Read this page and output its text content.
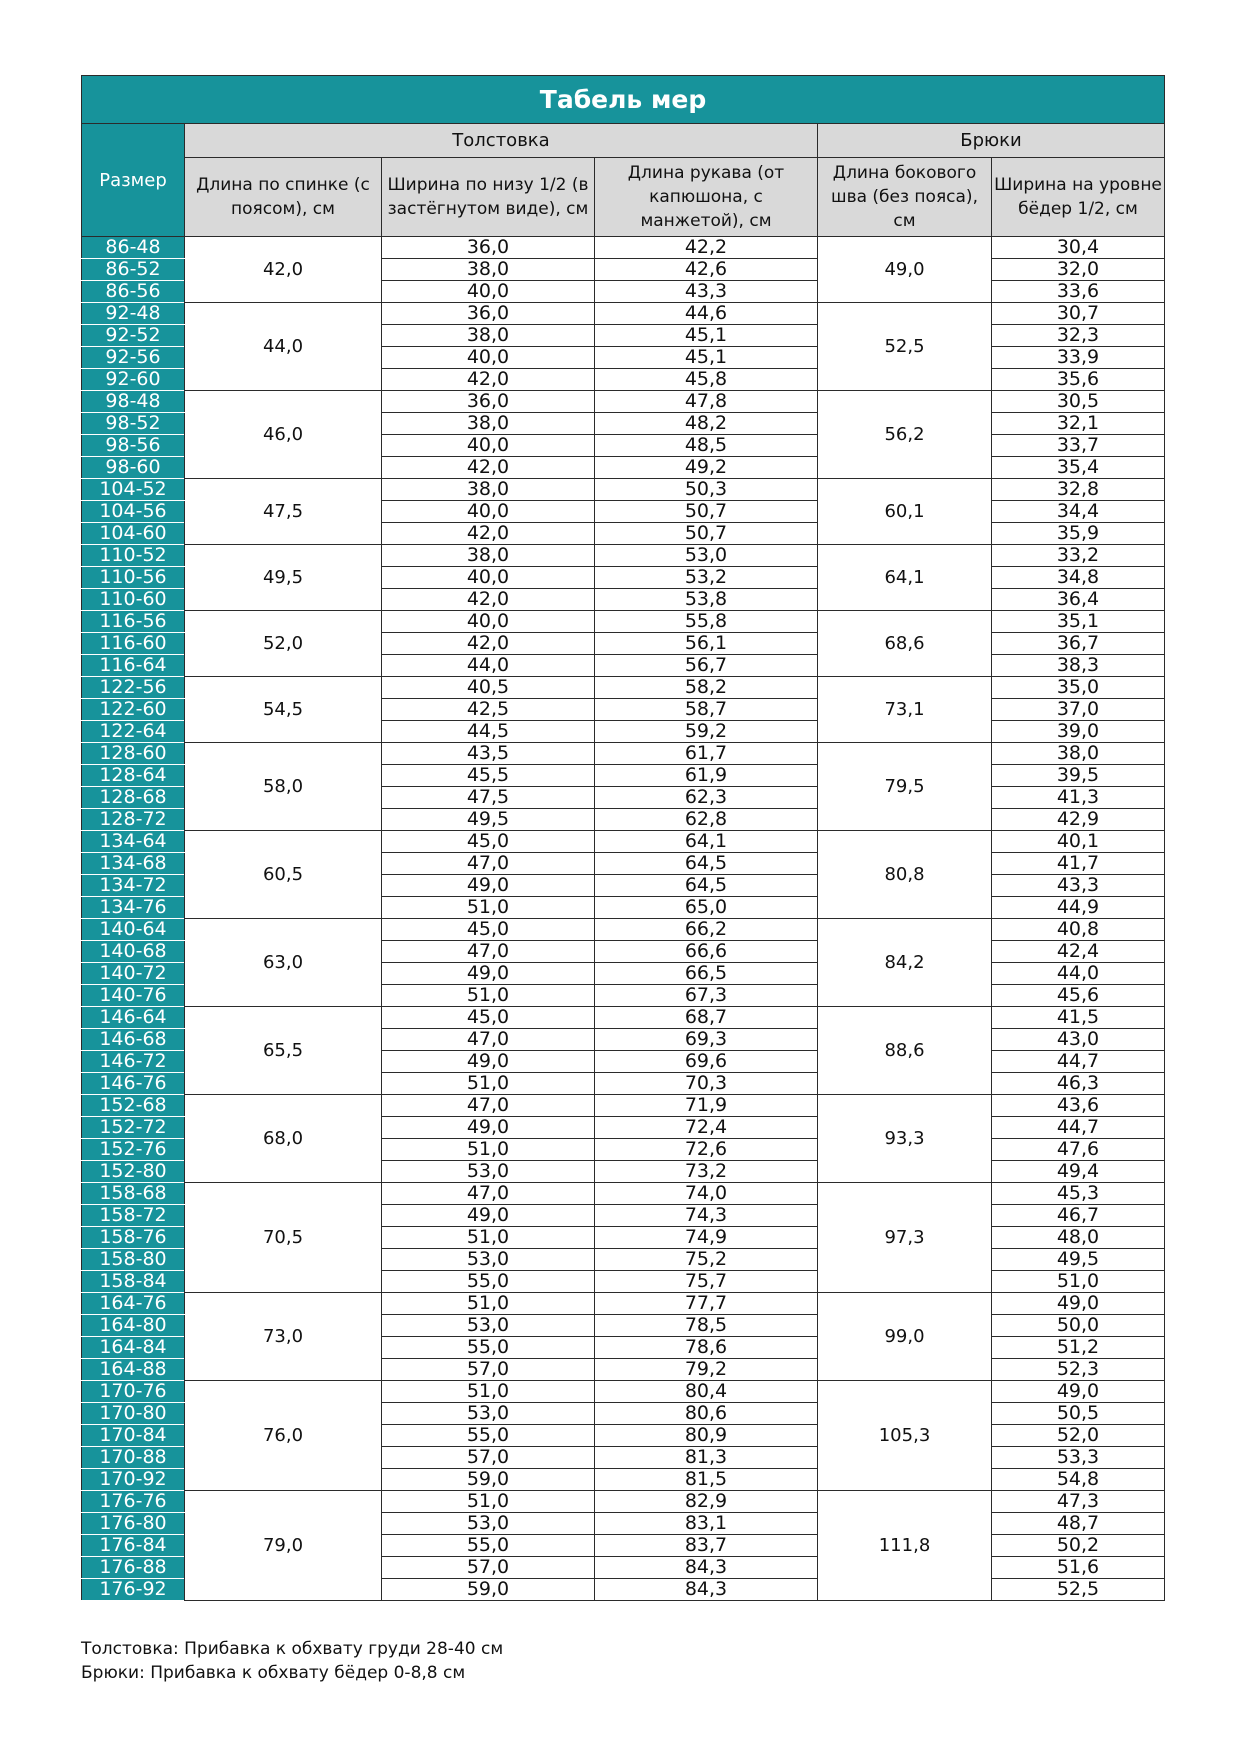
Табель мер					
Размер	Толстовка			Брюки	
	Длина по спинке (с поясом), см	Ширина по низу 1/2 (в застёгнутом виде), см	Длина рукава (от капюшона, с манжетой), см	Длина бокового шва (без пояса), см	Ширина на уровне бёдер 1/2, см
86-48	42,0	36,0	42,2	49,0	30,4
86-52		38,0	42,6		32,0
86-56		40,0	43,3		33,6
92-48	44,0	36,0	44,6	52,5	30,7
92-52		38,0	45,1		32,3
92-56		40,0	45,1		33,9
92-60		42,0	45,8		35,6
98-48	46,0	36,0	47,8	56,2	30,5
98-52		38,0	48,2		32,1
98-56		40,0	48,5		33,7
98-60		42,0	49,2		35,4
104-52	47,5	38,0	50,3	60,1	32,8
104-56		40,0	50,7		34,4
104-60		42,0	50,7		35,9
110-52	49,5	38,0	53,0	64,1	33,2
110-56		40,0	53,2		34,8
110-60		42,0	53,8		36,4
116-56	52,0	40,0	55,8	68,6	35,1
116-60		42,0	56,1		36,7
116-64		44,0	56,7		38,3
122-56	54,5	40,5	58,2	73,1	35,0
122-60		42,5	58,7		37,0
122-64		44,5	59,2		39,0
128-60	58,0	43,5	61,7	79,5	38,0
128-64		45,5	61,9		39,5
128-68		47,5	62,3		41,3
128-72		49,5	62,8		42,9
134-64	60,5	45,0	64,1	80,8	40,1
134-68		47,0	64,5		41,7
134-72		49,0	64,5		43,3
134-76		51,0	65,0		44,9
140-64	63,0	45,0	66,2	84,2	40,8
140-68		47,0	66,6		42,4
140-72		49,0	66,5		44,0
140-76		51,0	67,3		45,6
146-64	65,5	45,0	68,7	88,6	41,5
146-68		47,0	69,3		43,0
146-72		49,0	69,6		44,7
146-76		51,0	70,3		46,3
152-68	68,0	47,0	71,9	93,3	43,6
152-72		49,0	72,4		44,7
152-76		51,0	72,6		47,6
152-80		53,0	73,2		49,4
158-68	70,5	47,0	74,0	97,3	45,3
158-72		49,0	74,3		46,7
158-76		51,0	74,9		48,0
158-80		53,0	75,2		49,5
158-84		55,0	75,7		51,0
164-76	73,0	51,0	77,7	99,0	49,0
164-80		53,0	78,5		50,0
164-84		55,0	78,6		51,2
164-88		57,0	79,2		52,3
170-76	76,0	51,0	80,4	105,3	49,0
170-80		53,0	80,6		50,5
170-84		55,0	80,9		52,0
170-88		57,0	81,3		53,3
170-92		59,0	81,5		54,8
176-76	79,0	51,0	82,9	111,8	47,3
176-80		53,0	83,1		48,7
176-84		55,0	83,7		50,2
176-88		57,0	84,3		51,6
176-92		59,0	84,3		52,5
Толстовка: Прибавка к обхвату груди 28-40 см
Брюки: Прибавка к обхвату бёдер 0-8,8 см
